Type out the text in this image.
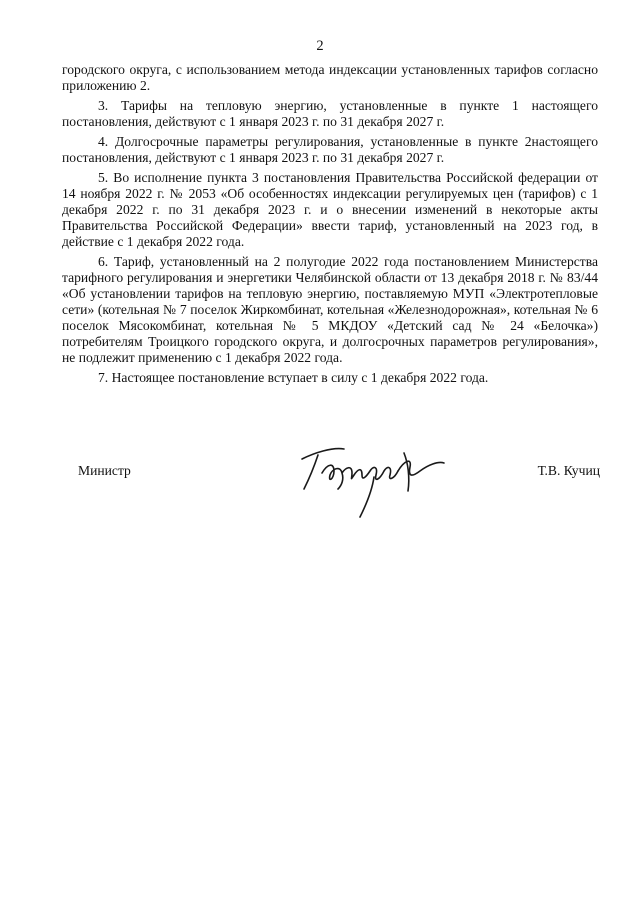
2

городского округа, с использованием метода индексации установленных тарифов согласно приложению 2.

3. Тарифы на тепловую энергию, установленные в пункте 1 настоящего постановления, действуют с 1 января 2023 г. по 31 декабря 2027 г.

4. Долгосрочные параметры регулирования, установленные в пункте 2настоящего постановления, действуют с 1 января 2023 г. по 31 декабря 2027 г.

5. Во исполнение пункта 3 постановления Правительства Российской федерации от 14 ноября 2022 г. № 2053 «Об особенностях индексации регулируемых цен (тарифов) с 1 декабря 2022 г. по 31 декабря 2023 г. и о внесении изменений в некоторые акты Правительства Российской Федерации» ввести тариф, установленный на 2023 год, в действие с 1 декабря 2022 года.

6. Тариф, установленный на 2 полугодие 2022 года постановлением Министерства тарифного регулирования и энергетики Челябинской области от 13 декабря 2018 г. № 83/44 «Об установлении тарифов на тепловую энергию, поставляемую МУП «Электротепловые сети» (котельная № 7 поселок Жиркомбинат, котельная «Железнодорожная», котельная № 6 поселок Мясокомбинат, котельная № 5 МКДОУ «Детский сад № 24 «Белочка») потребителям Троицкого городского округа, и долгосрочных параметров регулирования», не подлежит применению с 1 декабря 2022 года.

7. Настоящее постановление вступает в силу с 1 декабря 2022 года.

Министр	Т.В. Кучиц
